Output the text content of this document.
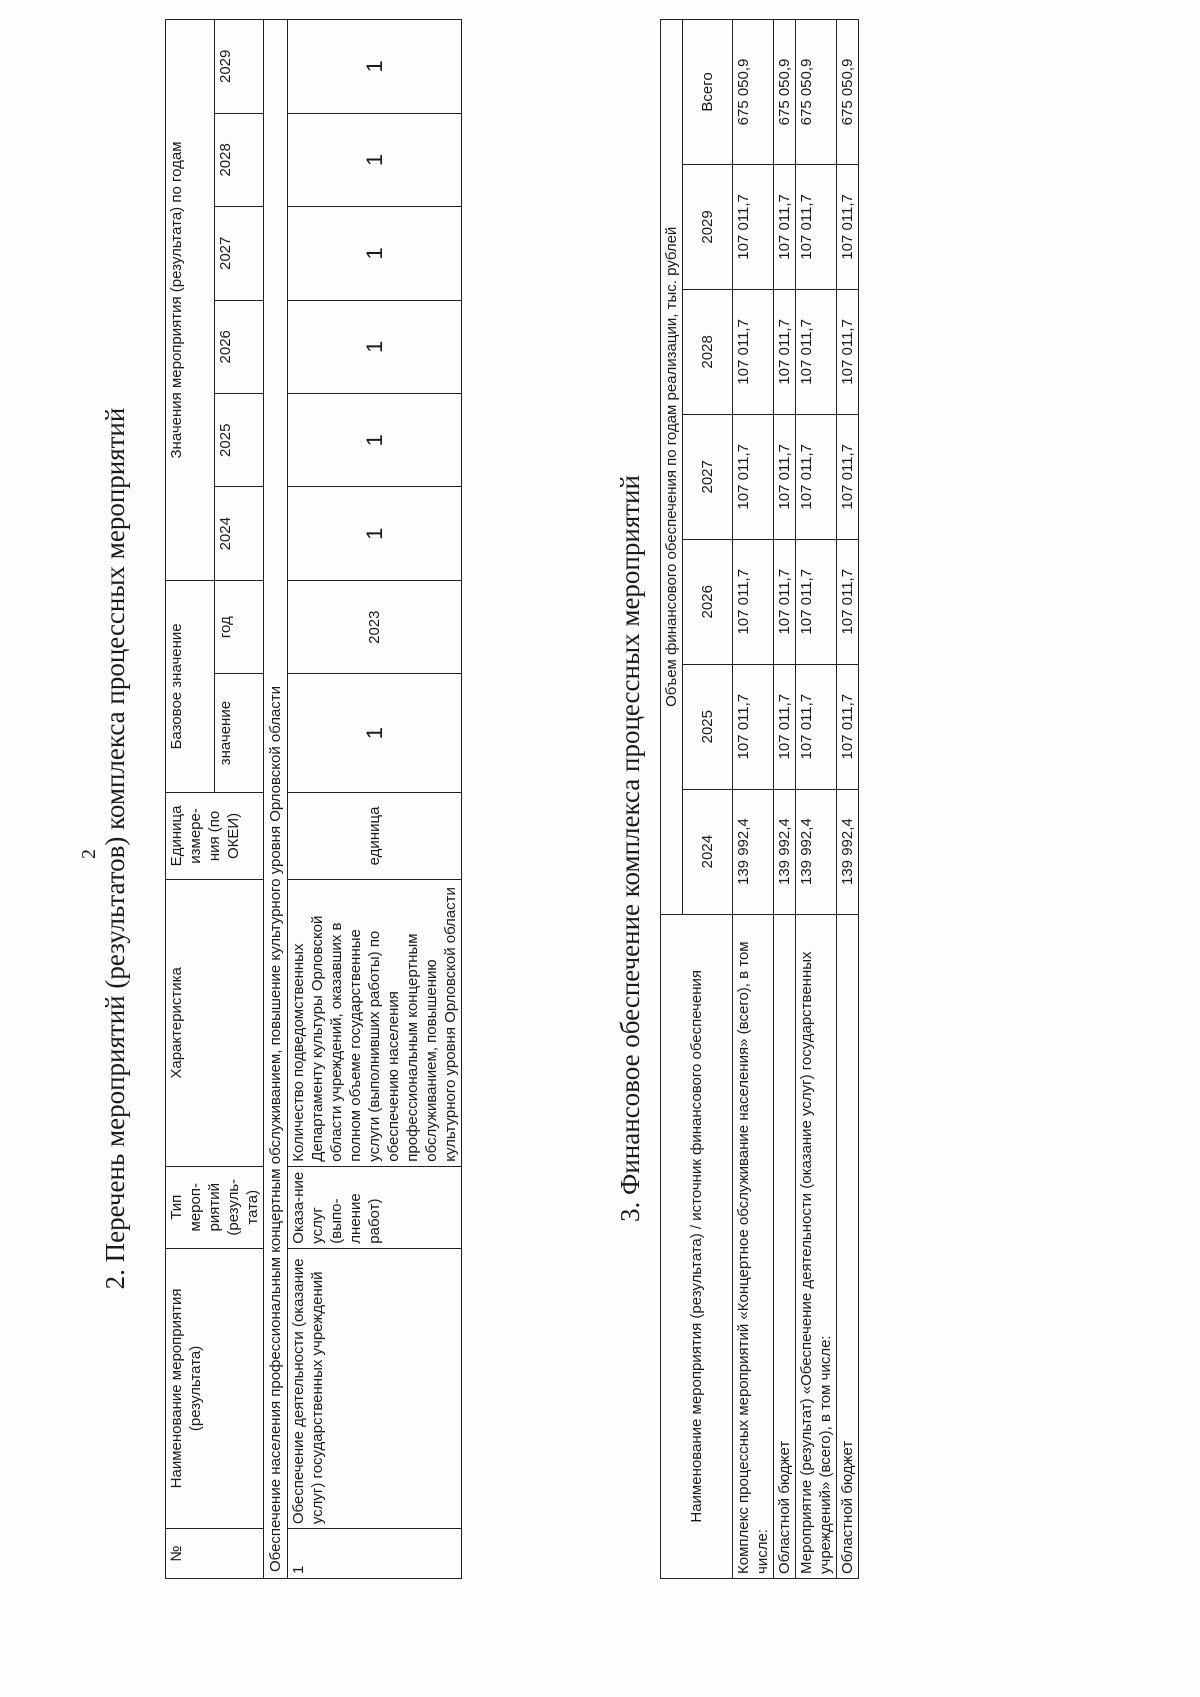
2 2. Перечень мероприятий (результатов) комплекса процессных мероприятий
№	Наименование мероприятия (результата)	Тип мероп-риятий (резуль-тата)	Характеристика	Единица измере-ния (по ОКЕИ)	Базовое значение		Значения мероприятия (результата) по годам					
					значение	год	2024	2025	2026	2027	2028	2029
Обеспечение населения профессиональным концертным обслуживанием, повышение культурного уровня Орловской области												
1	Обеспечение деятельности (оказание услуг) государственных учреждений	Оказа-ние услуг (выпо-лнение работ)	Количество подведомственных Департаменту культуры Орловской области учреждений, оказавших в полном объеме государственные услуги (выполнивших работы) по обеспечению населения профессиональным концертным обслуживанием, повышению культурного уровня Орловской области	единица	1	2023	1	1	1	1	1	1
3. Финансовое обеспечение комплекса процессных мероприятий
Наименование мероприятия (результата) / источник финансового обеспечения	Объем финансового обеспечения по годам реализации, тыс. рублей						
	2024	2025	2026	2027	2028	2029	Всего
Комплекс процессных мероприятий «Концертное обслуживание населения» (всего), в том числе:	139 992,4	107 011,7	107 011,7	107 011,7	107 011,7	107 011,7	675 050,9
Областной бюджет	139 992,4	107 011,7	107 011,7	107 011,7	107 011,7	107 011,7	675 050,9
Мероприятие (результат) «Обеспечение деятельности (оказание услуг) государственных учреждений» (всего), в том числе:	139 992,4	107 011,7	107 011,7	107 011,7	107 011,7	107 011,7	675 050,9
Областной бюджет	139 992,4	107 011,7	107 011,7	107 011,7	107 011,7	107 011,7	675 050,9
